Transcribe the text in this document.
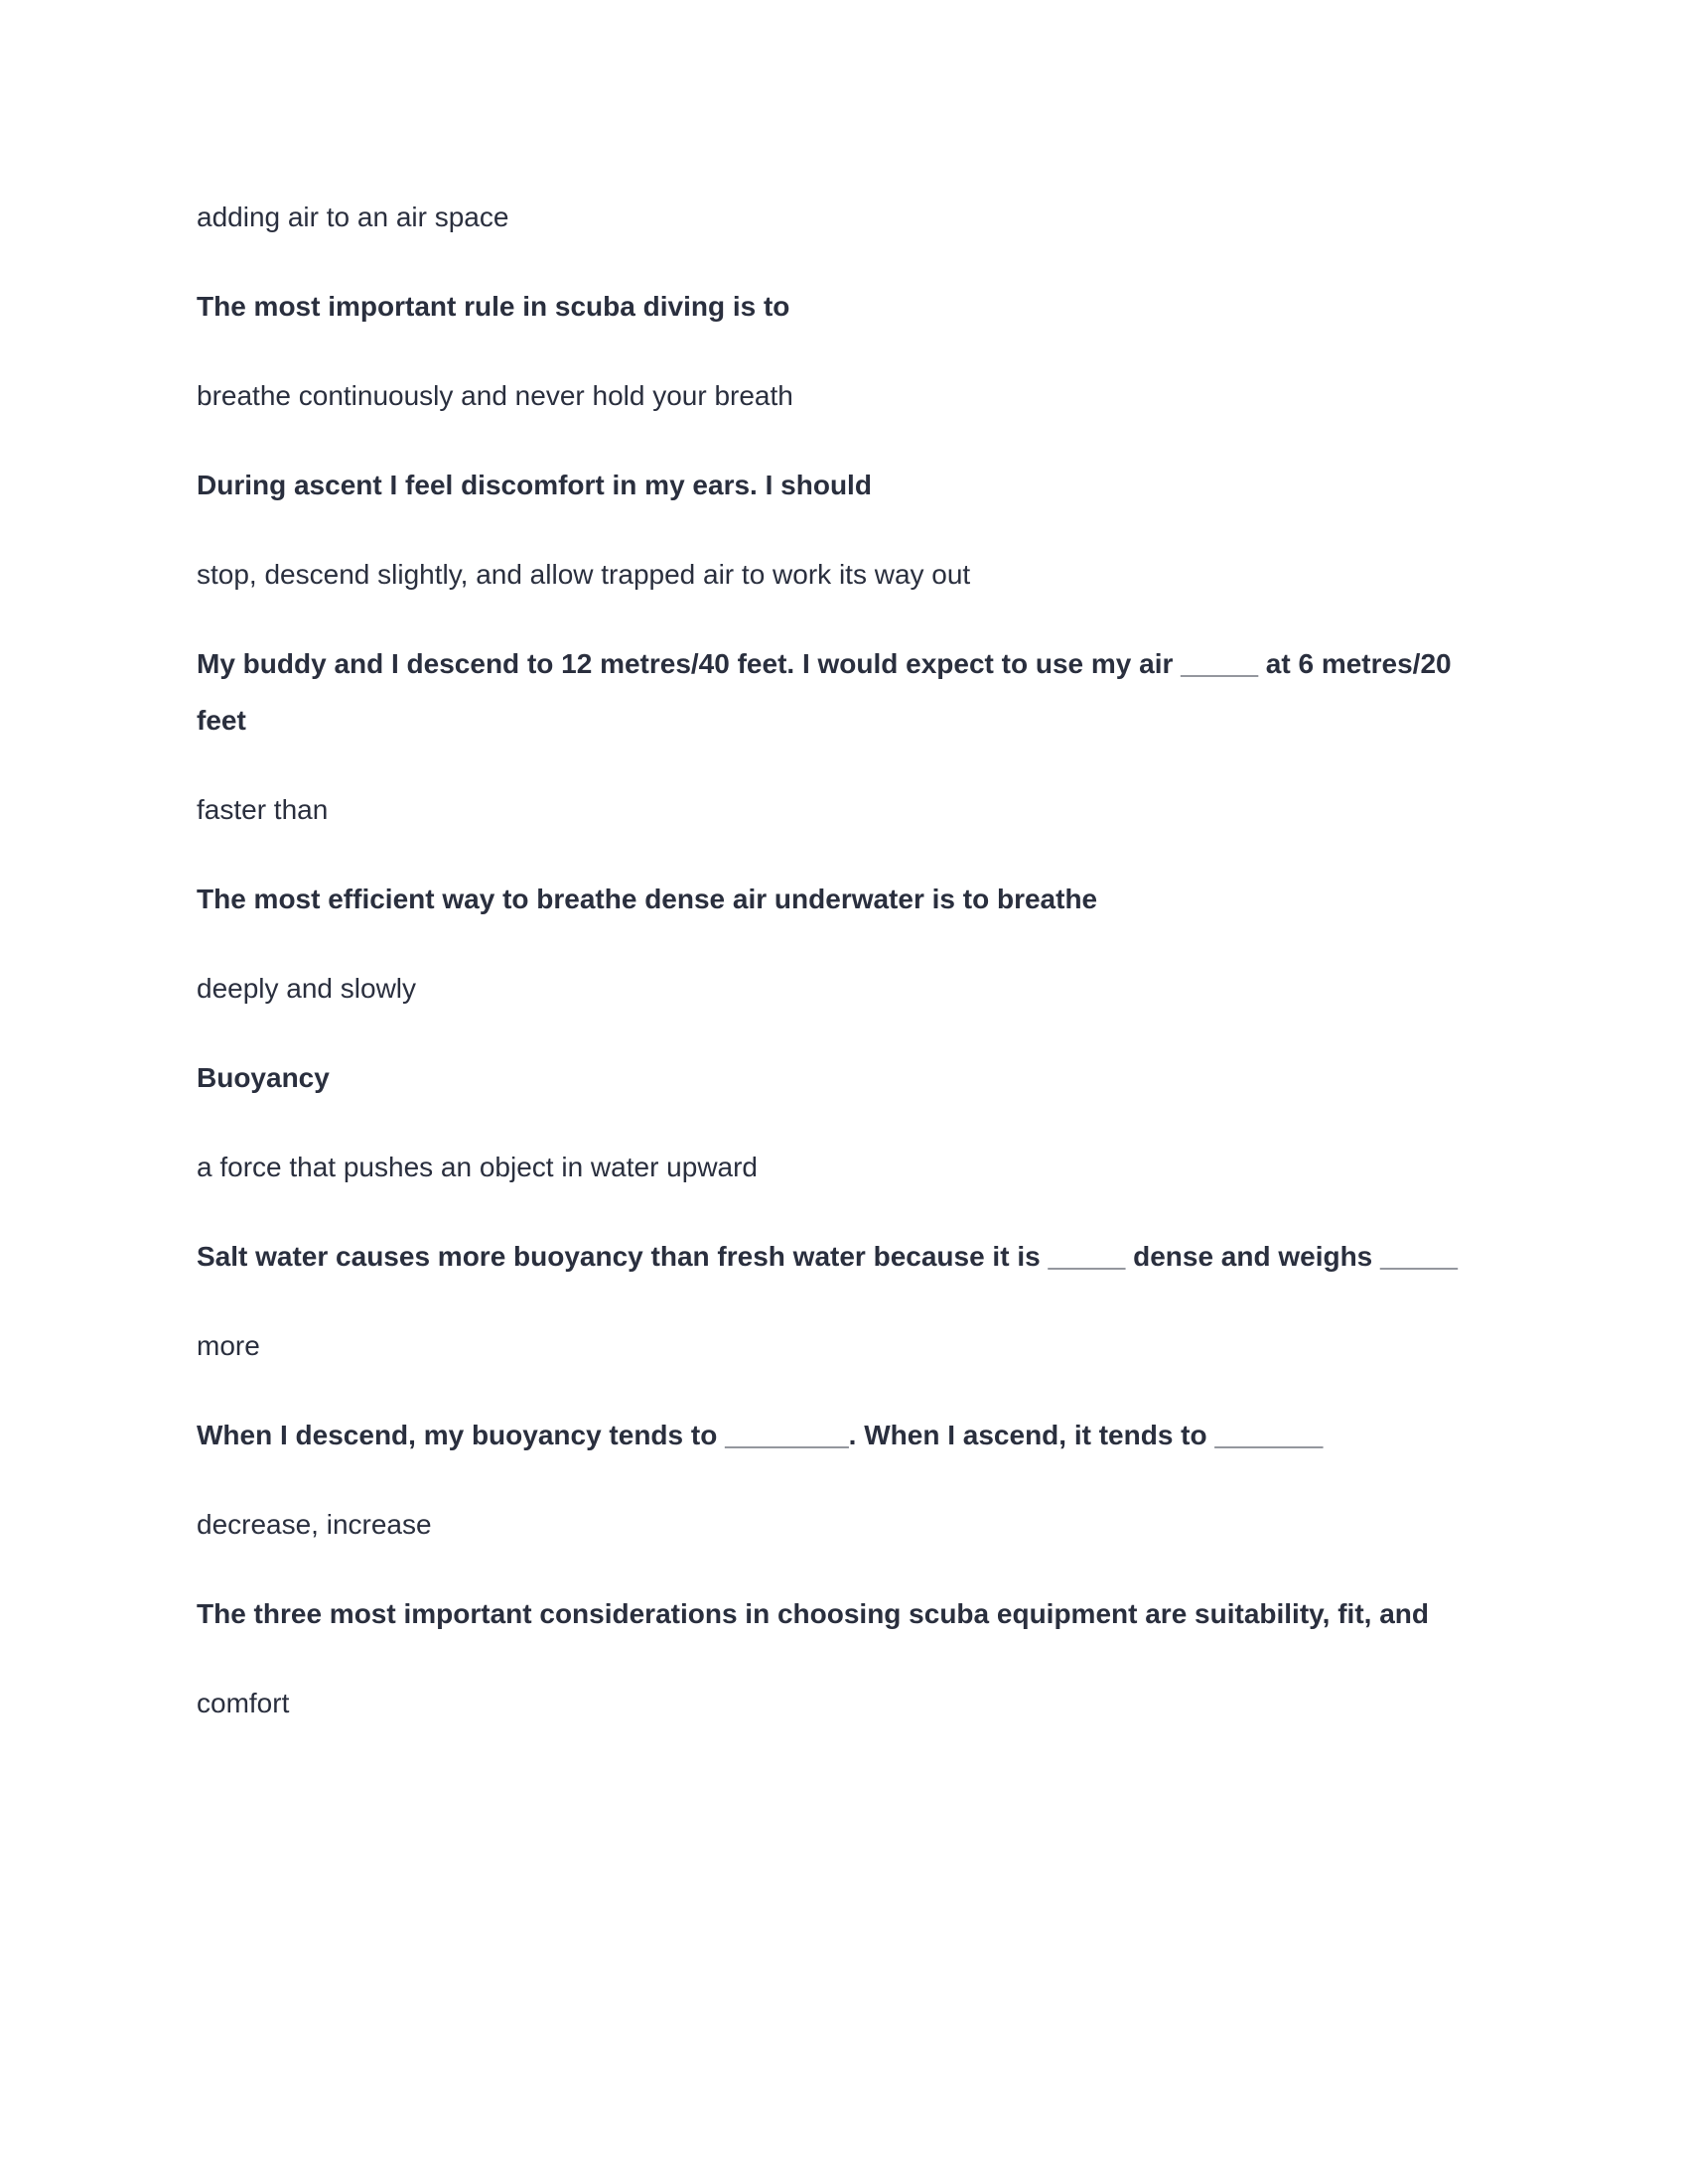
adding air to an air space

The most important rule in scuba diving is to

breathe continuously and never hold your breath

During ascent I feel discomfort in my ears. I should

stop, descend slightly, and allow trapped air to work its way out

My buddy and I descend to 12 metres/40 feet. I would expect to use my air _____ at 6 metres/20 feet

faster than

The most efficient way to breathe dense air underwater is to breathe

deeply and slowly

Buoyancy

a force that pushes an object in water upward

Salt water causes more buoyancy than fresh water because it is _____ dense and weighs _____

more

When I descend, my buoyancy tends to ________. When I ascend, it tends to _______

decrease, increase

The three most important considerations in choosing scuba equipment are suitability, fit, and

comfort
